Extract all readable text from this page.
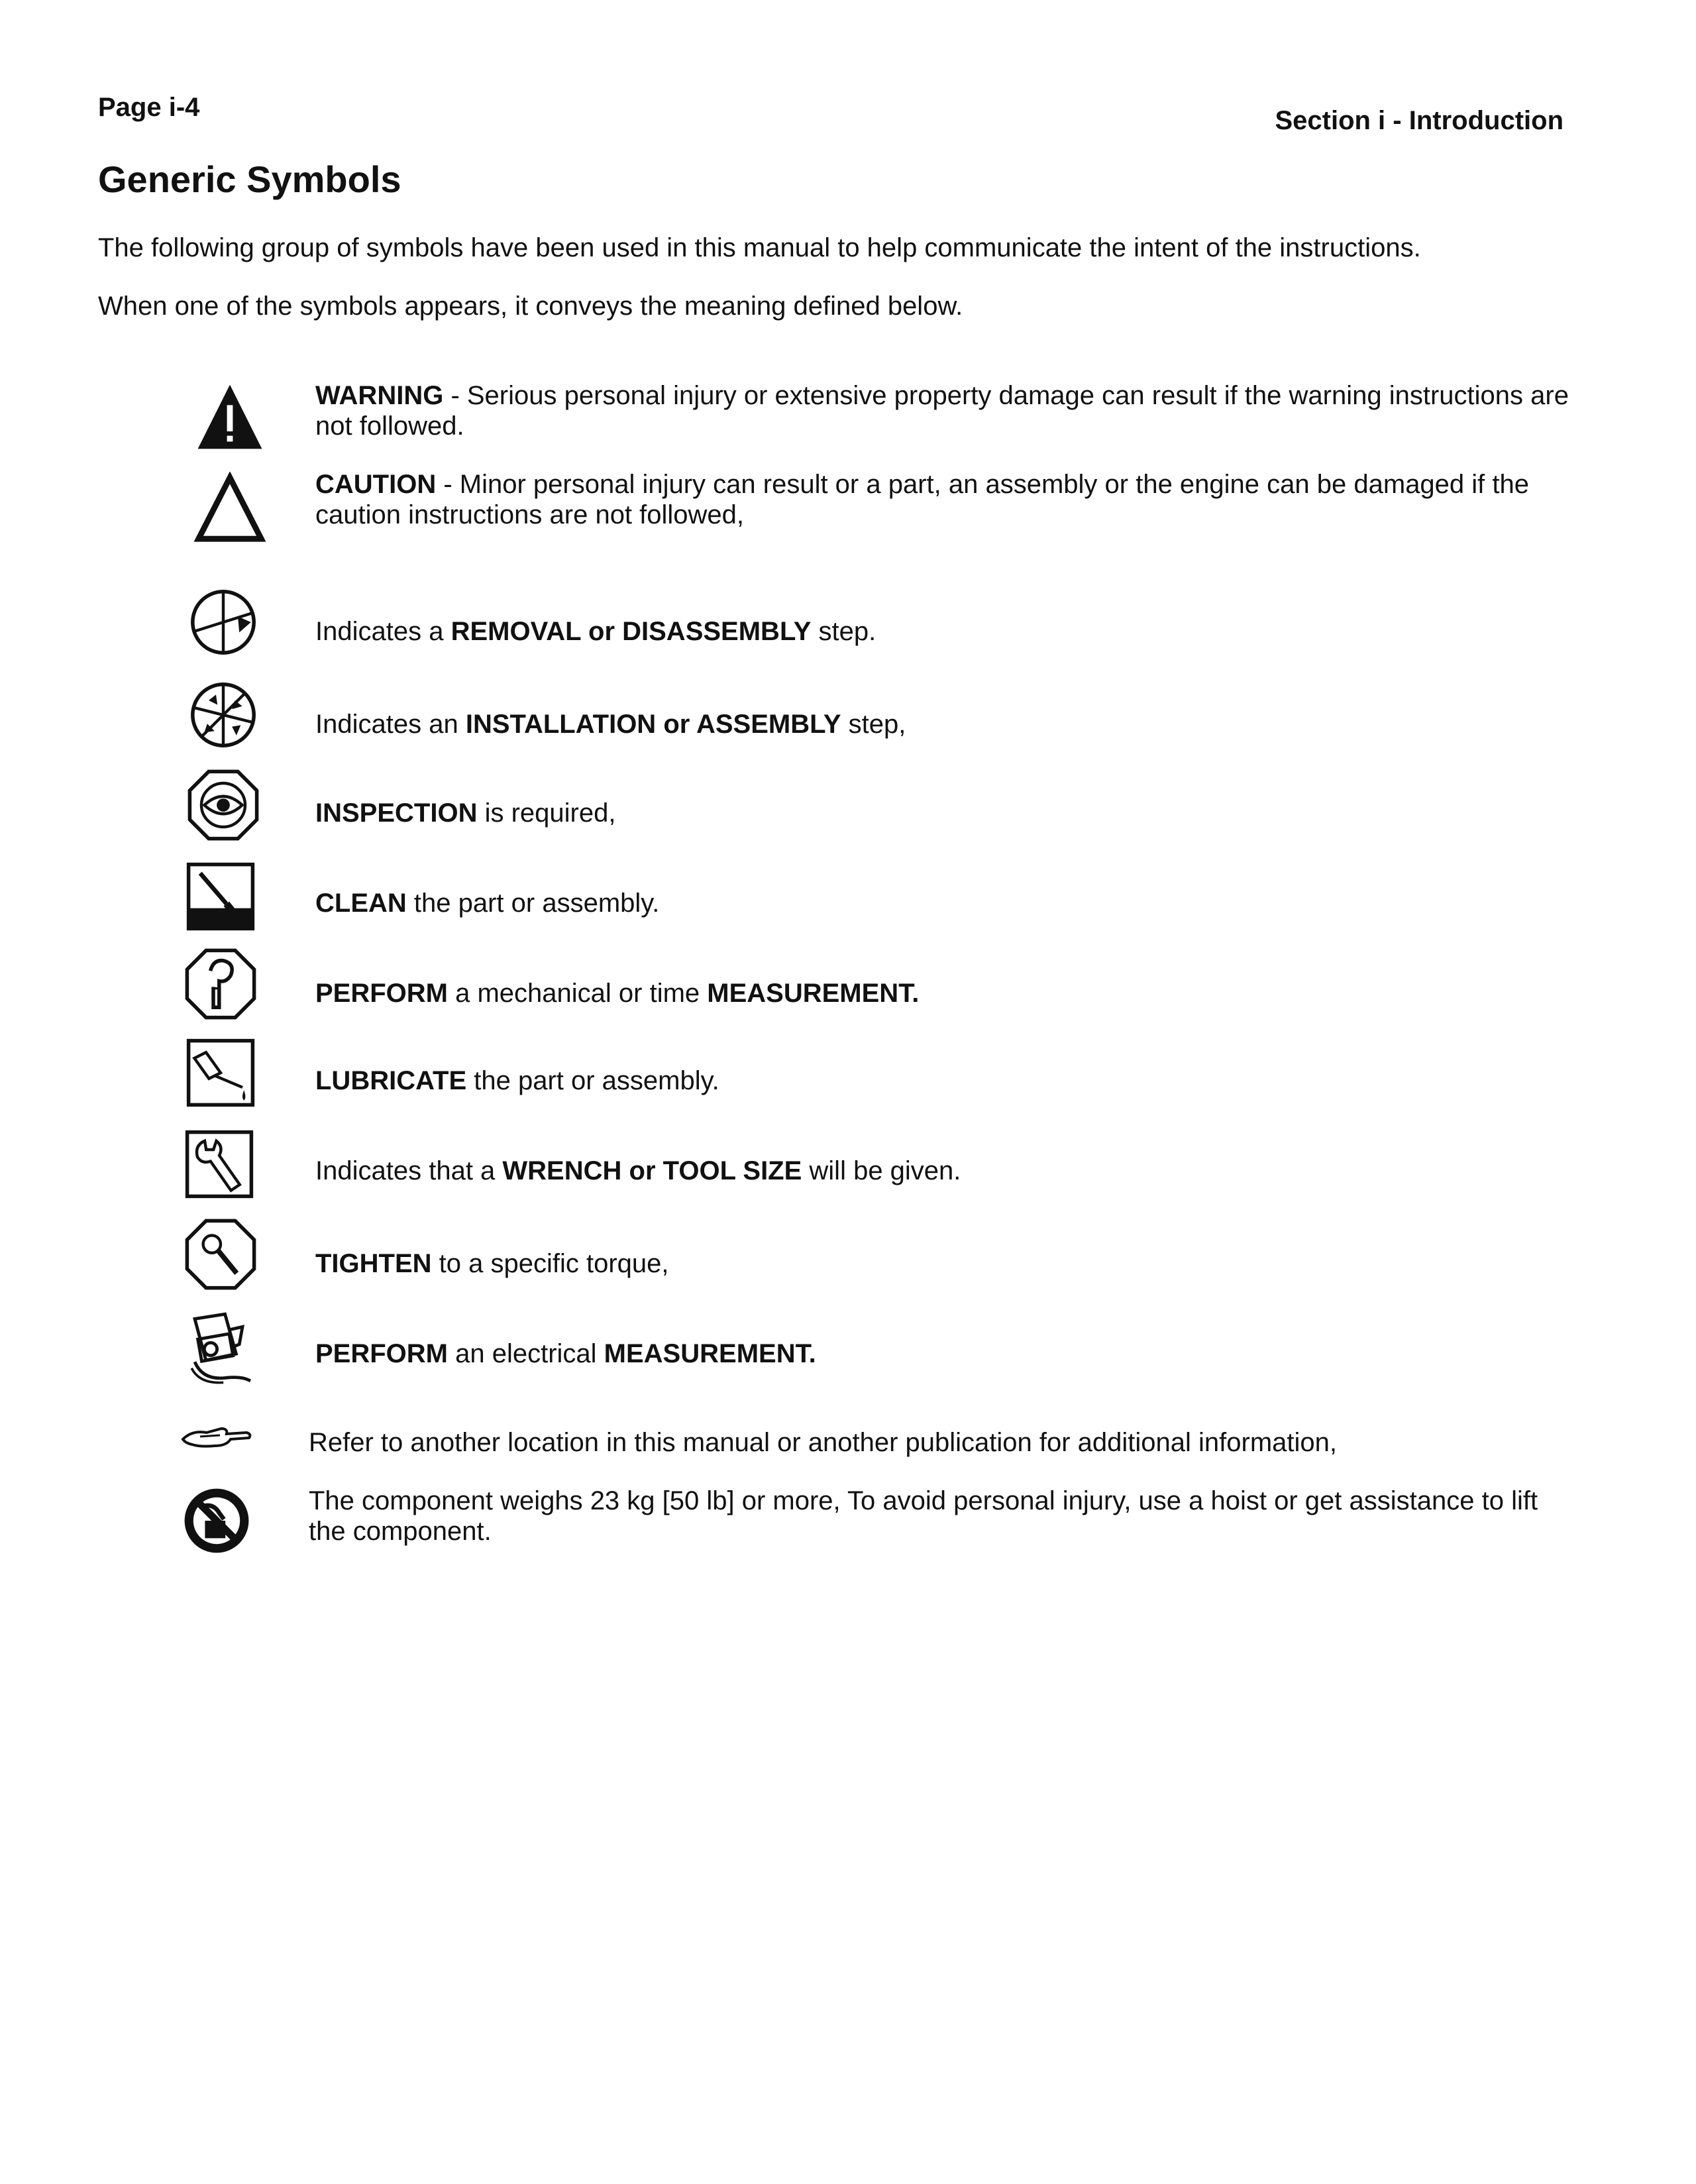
Page i-4	Section i - Introduction
Generic Symbols
The following group of symbols have been used in this manual to help communicate the intent of the instructions.
When one of the symbols appears, it conveys the meaning defined below.
WARNING - Serious personal injury or extensive property damage can result if the warning instructions are not followed.
CAUTION - Minor personal injury can result or a part, an assembly or the engine can be damaged if the caution instructions are not followed,
Indicates a REMOVAL or DISASSEMBLY step.
Indicates an INSTALLATION or ASSEMBLY step,
INSPECTION is required,
CLEAN the part or assembly.
PERFORM a mechanical or time MEASUREMENT.
LUBRICATE the part or assembly.
Indicates that a WRENCH or TOOL SIZE will be given.
TIGHTEN to a specific torque,
PERFORM an electrical MEASUREMENT.
Refer to another location in this manual or another publication for additional information,
The component weighs 23 kg [50 lb] or more, To avoid personal injury, use a hoist or get assistance to lift the component.
